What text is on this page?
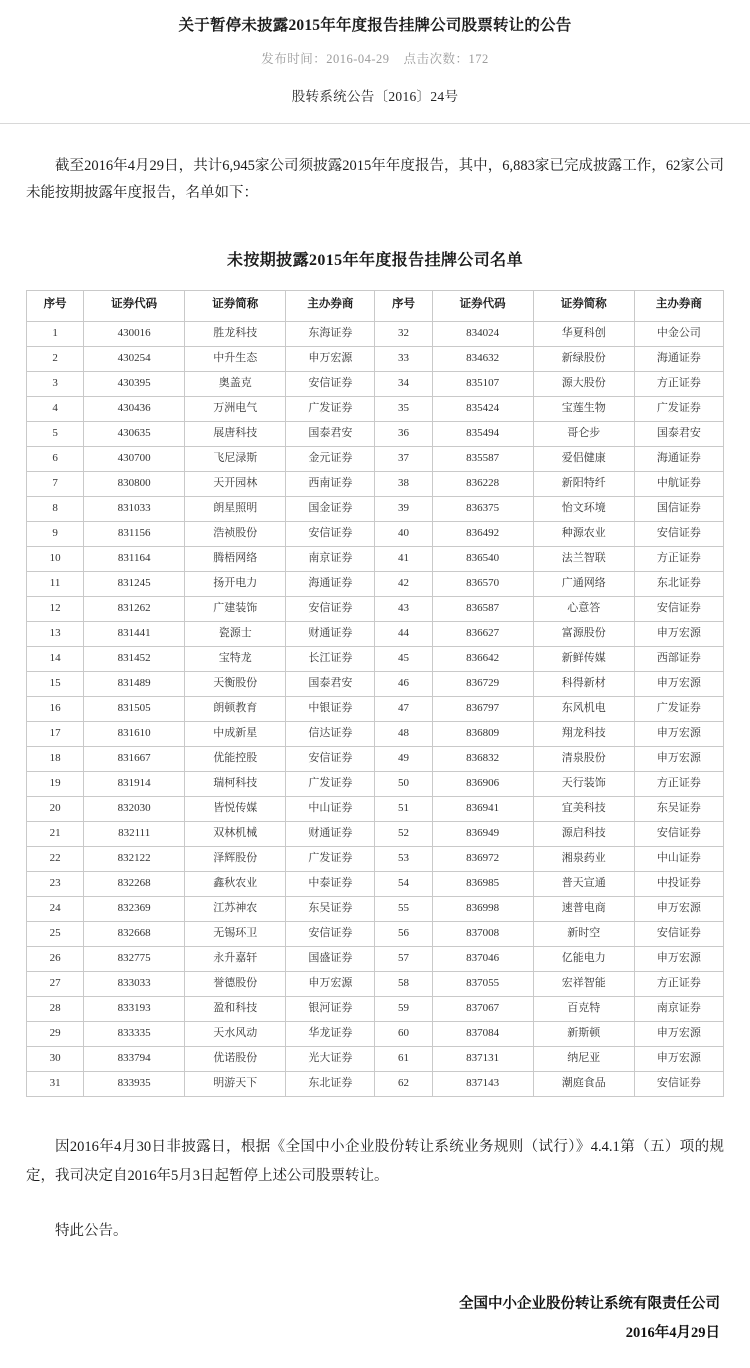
关于暂停未披露2015年年度报告挂牌公司股票转让的公告
发布时间：2016-04-29 点击次数：172
股转系统公告〔2016〕24号

截至2016年4月29日，共计6,945家公司须披露2015年年度报告，其中，6,883家已完成披露工作，62家公司未能按期披露年度报告，名单如下：

未按期披露2015年年度报告挂牌公司名单
序号	证券代码	证券简称	主办券商	序号	证券代码	证券简称	主办券商
1	430016	胜龙科技	东海证券	32	834024	华夏科创	中金公司
2	430254	中升生态	申万宏源	33	834632	新绿股份	海通证券
3	430395	奥盖克	安信证券	34	835107	源大股份	方正证券
4	430436	万洲电气	广发证券	35	835424	宝莲生物	广发证券
5	430635	展唐科技	国泰君安	36	835494	哥仑步	国泰君安
6	430700	飞尼渌斯	金元证券	37	835587	爱侣健康	海通证券
7	830800	天开园林	西南证券	38	836228	新阳特纤	中航证券
8	831033	朗星照明	国金证券	39	836375	怡文环境	国信证券
9	831156	浩祯股份	安信证券	40	836492	种源农业	安信证券
10	831164	腾梧网络	南京证券	41	836540	法兰智联	方正证券
11	831245	扬开电力	海通证券	42	836570	广通网络	东北证券
12	831262	广建装饰	安信证券	43	836587	心意答	安信证券
13	831441	瓷源士	财通证券	44	836627	富源股份	申万宏源
14	831452	宝特龙	长江证券	45	836642	新鲜传媒	西部证券
15	831489	天衡股份	国泰君安	46	836729	科得新材	申万宏源
16	831505	朗顿教育	中银证券	47	836797	东风机电	广发证券
17	831610	中成新星	信达证券	48	836809	翔龙科技	申万宏源
18	831667	优能控股	安信证券	49	836832	清泉股份	申万宏源
19	831914	瑞柯科技	广发证券	50	836906	天行装饰	方正证券
20	832030	皆悦传媒	中山证券	51	836941	宜美科技	东吴证券
21	832111	双林机械	财通证券	52	836949	源启科技	安信证券
22	832122	泽辉股份	广发证券	53	836972	湘泉药业	中山证券
23	832268	鑫秋农业	中泰证券	54	836985	普天宣通	中投证券
24	832369	江苏神农	东吴证券	55	836998	速普电商	申万宏源
25	832668	无锡环卫	安信证券	56	837008	新时空	安信证券
26	832775	永升嘉轩	国盛证券	57	837046	亿能电力	申万宏源
27	833033	誉德股份	申万宏源	58	837055	宏祥智能	方正证券
28	833193	盈和科技	银河证券	59	837067	百克特	南京证券
29	833335	天水风动	华龙证券	60	837084	新斯顿	申万宏源
30	833794	优诺股份	光大证券	61	837131	纳尼亚	申万宏源
31	833935	明游天下	东北证券	62	837143	潮庭食品	安信证券

因2016年4月30日非披露日，根据《全国中小企业股份转让系统业务规则（试行）》4.4.1第（五）项的规定，我司决定自2016年5月3日起暂停上述公司股票转让。

特此公告。

全国中小企业股份转让系统有限责任公司
2016年4月29日
